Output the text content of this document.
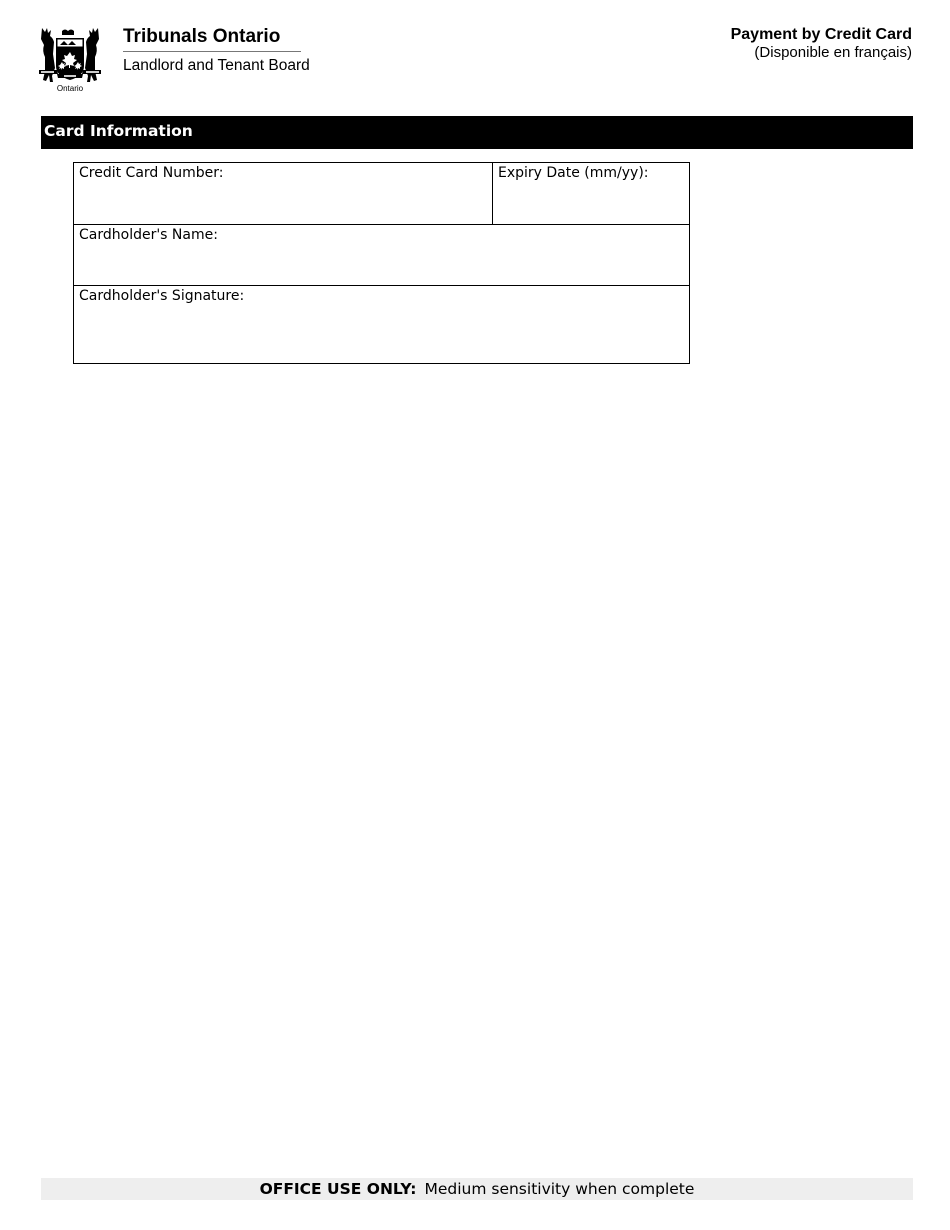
Ontario
Tribunals Ontario
Landlord and Tenant Board
Payment by Credit Card
(Disponible en français)
Card Information
Credit Card Number:	Expiry Date (mm/yy):

Cardholder's Name:

Cardholder's Signature:
OFFICE USE ONLY: Medium sensitivity when complete
